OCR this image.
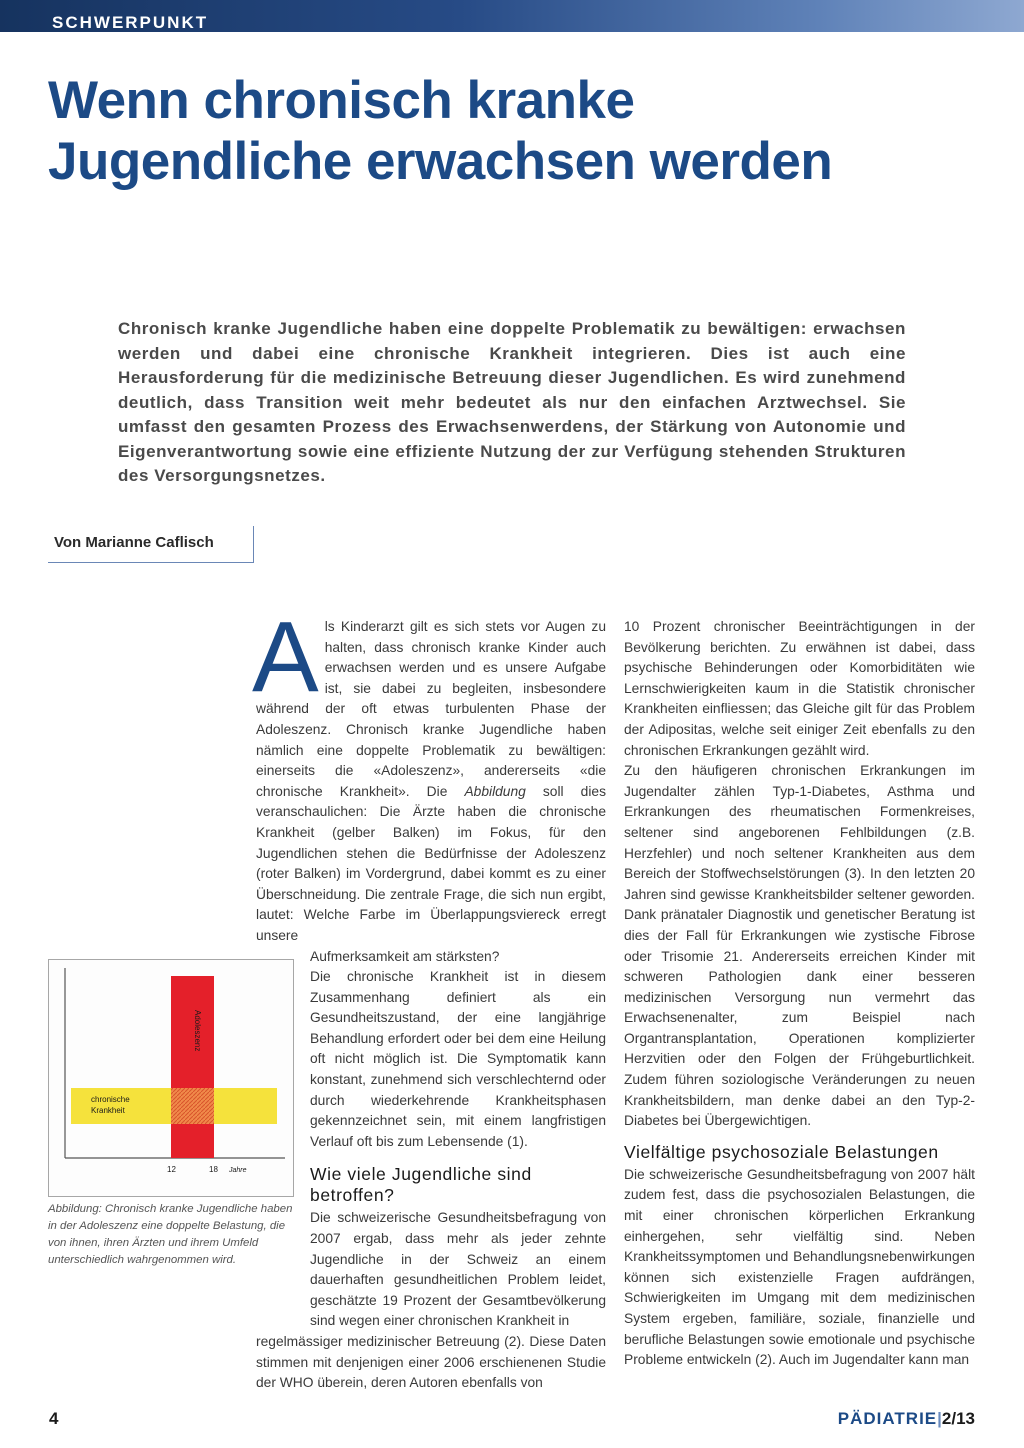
SCHWERPUNKT
Wenn chronisch kranke
Jugendliche erwachsen werden

Chronisch kranke Jugendliche haben eine doppelte Problematik zu bewältigen: erwachsen werden und dabei eine chronische Krankheit integrieren. Dies ist auch eine Herausforderung für die medizinische Betreuung dieser Jugendlichen. Es wird zunehmend deutlich, dass Transition weit mehr bedeutet als nur den einfachen Arztwechsel. Sie umfasst den gesamten Prozess des Erwachsenwerdens, der Stärkung von Autonomie und Eigenverantwortung sowie eine effiziente Nutzung der zur Verfügung stehenden Strukturen des Versorgungsnetzes.

Von Marianne Caflisch

Als Kinderarzt gilt es sich stets vor Augen zu halten, dass chronisch kranke Kinder auch erwachsen werden und es unsere Aufgabe ist, sie dabei zu begleiten, insbesondere während der oft etwas turbulenten Phase der Adoleszenz. Chronisch kranke Jugendliche haben nämlich eine doppelte Problematik zu bewältigen: einerseits die «Adoleszenz», andererseits «die chronische Krankheit». Die Abbildung soll dies veranschaulichen: Die Ärzte haben die chronische Krankheit (gelber Balken) im Fokus, für den Jugendlichen stehen die Bedürfnisse der Adoleszenz (roter Balken) im Vordergrund, dabei kommt es zu einer Überschneidung. Die zentrale Frage, die sich nun ergibt, lautet: Welche Farbe im Überlappungsviereck erregt unsere

Aufmerksamkeit am stärksten?

Die chronische Krankheit ist in diesem Zusammenhang definiert als ein Gesundheitszustand, der eine langjährige Behandlung erfordert oder bei dem eine Heilung oft nicht möglich ist. Die Symptomatik kann konstant, zunehmend sich verschlechternd oder durch wiederkehrende Krankheitsphasen gekennzeichnet sein, mit einem langfristigen Verlauf oft bis zum Lebensende (1).

Wie viele Jugendliche sind betroffen?

Die schweizerische Gesundheitsbefragung von 2007 ergab, dass mehr als jeder zehnte Jugendliche in der Schweiz an einem dauerhaften gesundheitlichen Problem leidet, geschätzte 19 Prozent der Gesamtbevölkerung sind wegen einer chronischen Krankheit in

regelmässiger medizinischer Betreuung (2). Diese Daten stimmen mit denjenigen einer 2006 erschienenen Studie der WHO überein, deren Autoren ebenfalls von

10 Prozent chronischer Beeinträchtigungen in der Bevölkerung berichten. Zu erwähnen ist dabei, dass psychische Behinderungen oder Komorbiditäten wie Lernschwierigkeiten kaum in die Statistik chronischer Krankheiten einfliessen; das Gleiche gilt für das Problem der Adipositas, welche seit einiger Zeit ebenfalls zu den chronischen Erkrankungen gezählt wird.

Zu den häufigeren chronischen Erkrankungen im Jugendalter zählen Typ-1-Diabetes, Asthma und Erkrankungen des rheumatischen Formenkreises, seltener sind angeborenen Fehlbildungen (z.B. Herzfehler) und noch seltener Krankheiten aus dem Bereich der Stoffwechselstörungen (3). In den letzten 20 Jahren sind gewisse Krankheitsbilder seltener geworden. Dank pränataler Diagnostik und genetischer Beratung ist dies der Fall für Erkrankungen wie zystische Fibrose oder Trisomie 21. Andererseits erreichen Kinder mit schweren Pathologien dank einer besseren medizinischen Versorgung nun vermehrt das Erwachsenenalter, zum Beispiel nach Organtransplantation, Operationen komplizierter Herzvitien oder den Folgen der Frühgeburtlichkeit. Zudem führen soziologische Veränderungen zu neuen Krankheitsbildern, man denke dabei an den Typ-2-Diabetes bei Übergewichtigen.

Vielfältige psychosoziale Belastungen

Die schweizerische Gesundheitsbefragung von 2007 hält zudem fest, dass die psychosozialen Belastungen, die mit einer chronischen körperlichen Erkrankung einhergehen, sehr vielfältig sind. Neben Krankheitssymptomen und Behandlungsnebenwirkungen können sich existenzielle Fragen aufdrängen, Schwierigkeiten im Umgang mit dem medizinischen System ergeben, familiäre, soziale, finanzielle und berufliche Belastungen sowie emotionale und psychische Probleme entwickeln (2). Auch im Jugendalter kann man

Adoleszenz
chronische
Krankheit
12	18 Jahre

Abbildung: Chronisch kranke Jugendliche haben in der Adoleszenz eine doppelte Belastung, die von ihnen, ihren Ärzten und ihrem Umfeld unterschiedlich wahrgenommen wird.

4	PÄDIATRIE|2/13
